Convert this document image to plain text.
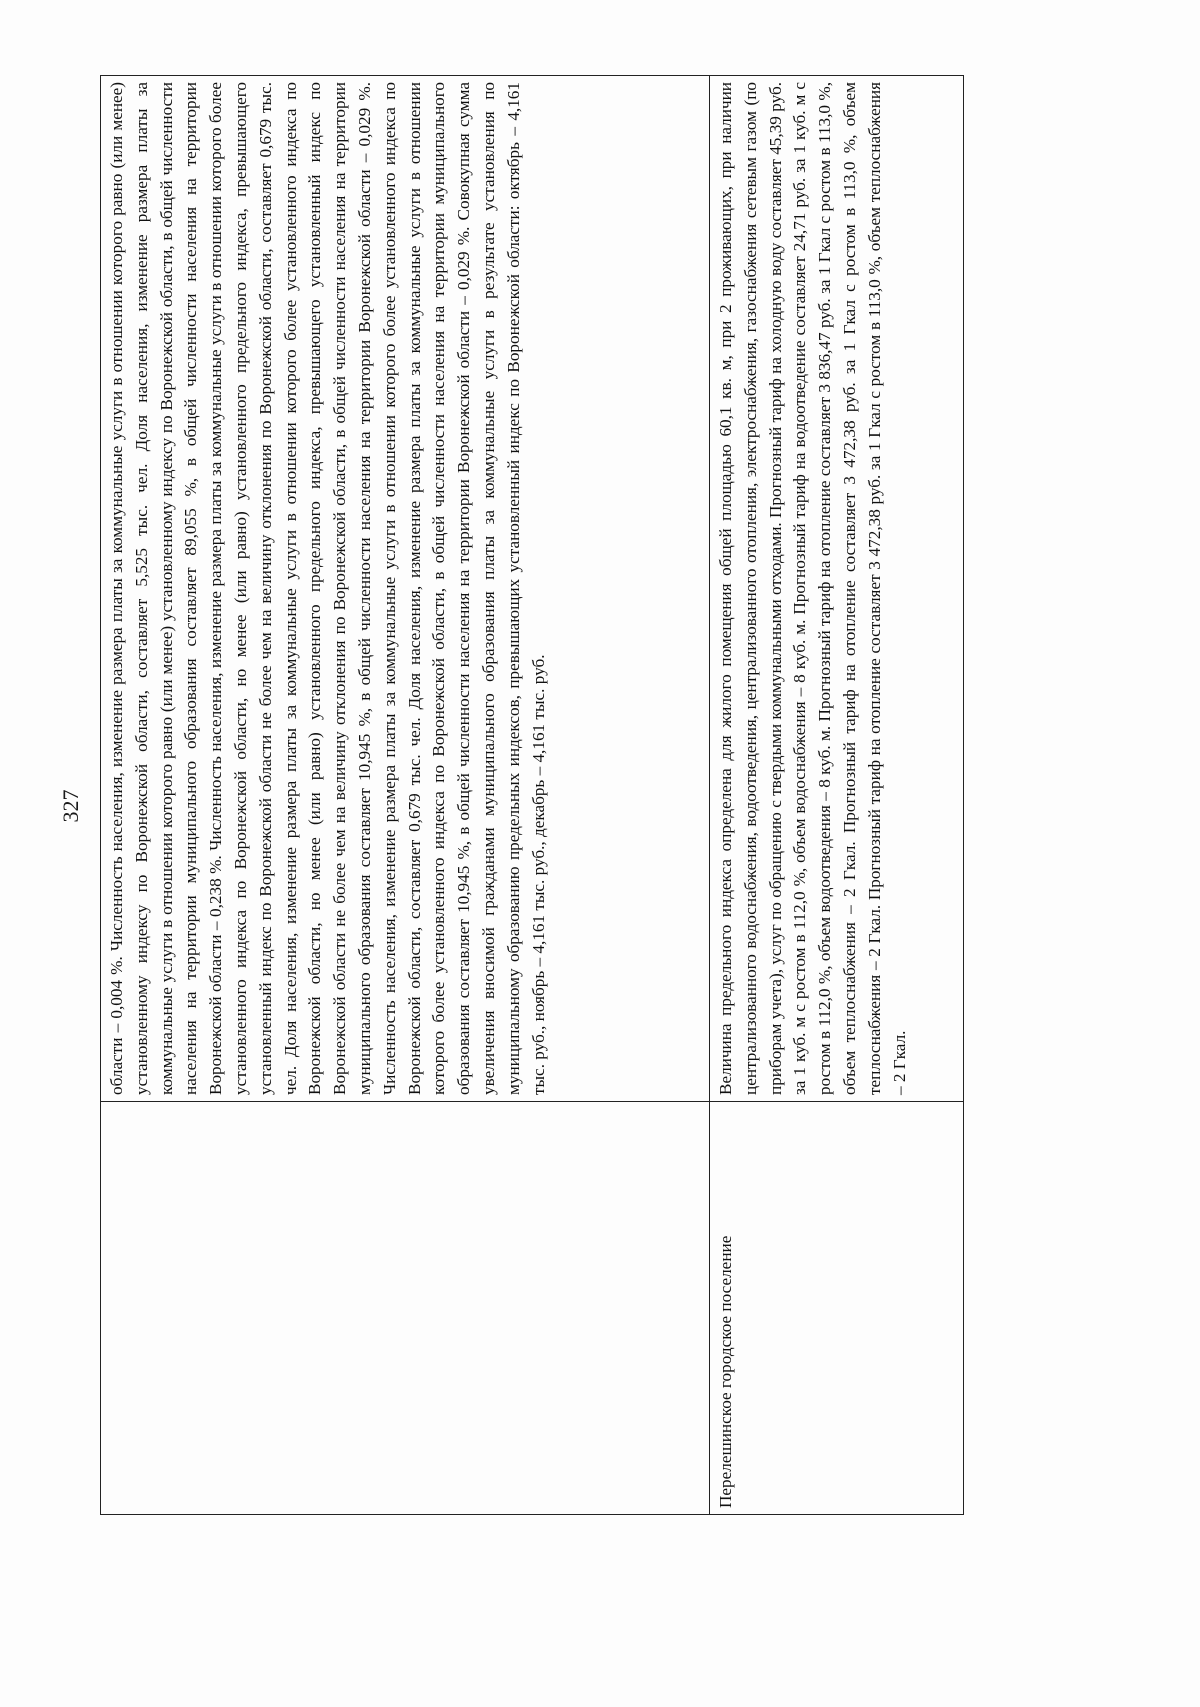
327

	области – 0,004 %. Численность населения, изменение размера платы за коммунальные услуги в отношении которого равно (или менее) установленному индексу по Воронежской области, составляет 5,525 тыс. чел. Доля населения, изменение размера платы за коммунальные услуги в отношении которого равно (или менее) установленному индексу по Воронежской области, в общей численности населения на территории муниципального образования составляет 89,055 %, в общей численности населения на территории Воронежской области – 0,238 %. Численность населения, изменение размера платы за коммунальные услуги в отношении которого более установленного индекса по Воронежской области, но менее (или равно) установленного предельного индекса, превышающего установленный индекс по Воронежской области не более чем на величину отклонения по Воронежской области, составляет 0,679 тыс. чел. Доля населения, изменение размера платы за коммунальные услуги в отношении которого более установленного индекса по Воронежской области, но менее (или равно) установленного предельного индекса, превышающего установленный индекс по Воронежской области не более чем на величину отклонения по Воронежской области, в общей численности населения на территории муниципального образования составляет 10,945 %, в общей численности населения на территории Воронежской области – 0,029 %. Численность населения, изменение размера платы за коммунальные услуги в отношении которого более установленного индекса по Воронежской области, составляет 0,679 тыс. чел. Доля населения, изменение размера платы за коммунальные услуги в отношении которого более установленного индекса по Воронежской области, в общей численности населения на территории муниципального образования составляет 10,945 %, в общей численности населения на территории Воронежской области – 0,029 %. Совокупная сумма увеличения вносимой гражданами муниципального образования платы за коммунальные услуги в результате установления по муниципальному образованию предельных индексов, превышающих установленный индекс по Воронежской области: октябрь – 4,161 тыс. руб., ноябрь – 4,161 тыс. руб., декабрь – 4,161 тыс. руб.

Перелешинское городское поселение	Величина предельного индекса определена для жилого помещения общей площадью 60,1 кв. м, при 2 проживающих, при наличии централизованного водоснабжения, водоотведения, централизованного отопления, электроснабжения, газоснабжения сетевым газом (по приборам учета), услуг по обращению с твердыми коммунальными отходами. Прогнозный тариф на холодную воду составляет 45,39 руб. за 1 куб. м с ростом в 112,0 %, объем водоснабжения – 8 куб. м. Прогнозный тариф на водоотведение составляет 24,71 руб. за 1 куб. м с ростом в 112,0 %, объем водоотведения – 8 куб. м. Прогнозный тариф на отопление составляет 3 836,47 руб. за 1 Гкал с ростом в 113,0 %, объем теплоснабжения – 2 Гкал. Прогнозный тариф на отопление составляет 3 472,38 руб. за 1 Гкал с ростом в 113,0 %, объем теплоснабжения – 2 Гкал. Прогнозный тариф на отопление составляет 3 472,38 руб. за 1 Гкал с ростом в 113,0 %, объем теплоснабжения – 2 Гкал.
